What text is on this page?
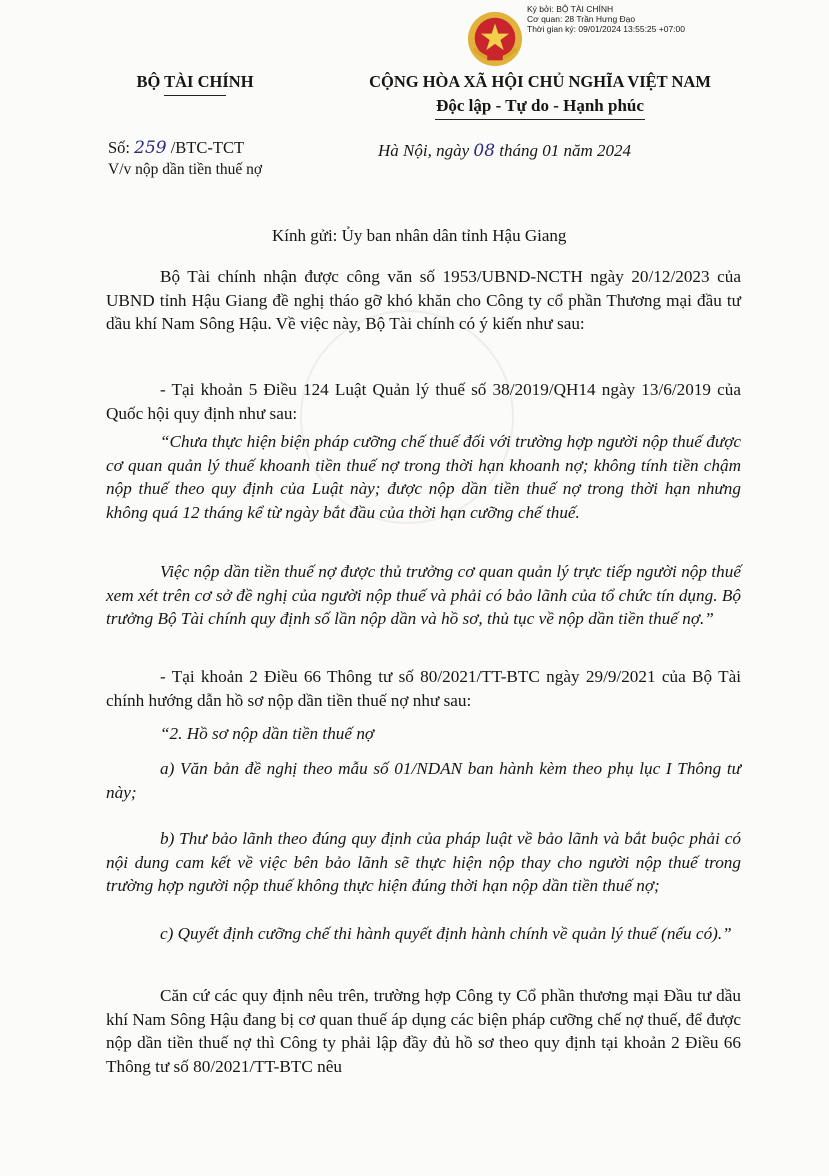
Ký bởi: BỘ TÀI CHÍNH
Cơ quan: 28 Trần Hưng Đạo
Thời gian ký: 09/01/2024 13:55:25 +07:00
BỘ TÀI CHÍNH	CỘNG HÒA XÃ HỘI CHỦ NGHĨA VIỆT NAM
Độc lập - Tự do - Hạnh phúc
Số: 259 /BTC-TCT
V/v nộp dần tiền thuế nợ
Hà Nội, ngày 08 tháng 01 năm 2024
Kính gửi: Ủy ban nhân dân tỉnh Hậu Giang
Bộ Tài chính nhận được công văn số 1953/UBND-NCTH ngày 20/12/2023 của UBND tỉnh Hậu Giang đề nghị tháo gỡ khó khăn cho Công ty cổ phần Thương mại đầu tư dầu khí Nam Sông Hậu. Về việc này, Bộ Tài chính có ý kiến như sau:
- Tại khoản 5 Điều 124 Luật Quản lý thuế số 38/2019/QH14 ngày 13/6/2019 của Quốc hội quy định như sau:
“Chưa thực hiện biện pháp cưỡng chế thuế đối với trường hợp người nộp thuế được cơ quan quản lý thuế khoanh tiền thuế nợ trong thời hạn khoanh nợ; không tính tiền chậm nộp thuế theo quy định của Luật này; được nộp dần tiền thuế nợ trong thời hạn nhưng không quá 12 tháng kể từ ngày bắt đầu của thời hạn cưỡng chế thuế.
Việc nộp dần tiền thuế nợ được thủ trưởng cơ quan quản lý trực tiếp người nộp thuế xem xét trên cơ sở đề nghị của người nộp thuế và phải có bảo lãnh của tổ chức tín dụng. Bộ trưởng Bộ Tài chính quy định số lần nộp dần và hồ sơ, thủ tục về nộp dần tiền thuế nợ.”
- Tại khoản 2 Điều 66 Thông tư số 80/2021/TT-BTC ngày 29/9/2021 của Bộ Tài chính hướng dẫn hồ sơ nộp dần tiền thuế nợ như sau:
“2. Hồ sơ nộp dần tiền thuế nợ
a) Văn bản đề nghị theo mẫu số 01/NDAN ban hành kèm theo phụ lục I Thông tư này;
b) Thư bảo lãnh theo đúng quy định của pháp luật về bảo lãnh và bắt buộc phải có nội dung cam kết về việc bên bảo lãnh sẽ thực hiện nộp thay cho người nộp thuế trong trường hợp người nộp thuế không thực hiện đúng thời hạn nộp dần tiền thuế nợ;
c) Quyết định cưỡng chế thi hành quyết định hành chính về quản lý thuế (nếu có).”
Căn cứ các quy định nêu trên, trường hợp Công ty Cổ phần thương mại Đầu tư dầu khí Nam Sông Hậu đang bị cơ quan thuế áp dụng các biện pháp cưỡng chế nợ thuế, để được nộp dần tiền thuế nợ thì Công ty phải lập đầy đủ hồ sơ theo quy định tại khoản 2 Điều 66 Thông tư số 80/2021/TT-BTC nêu
